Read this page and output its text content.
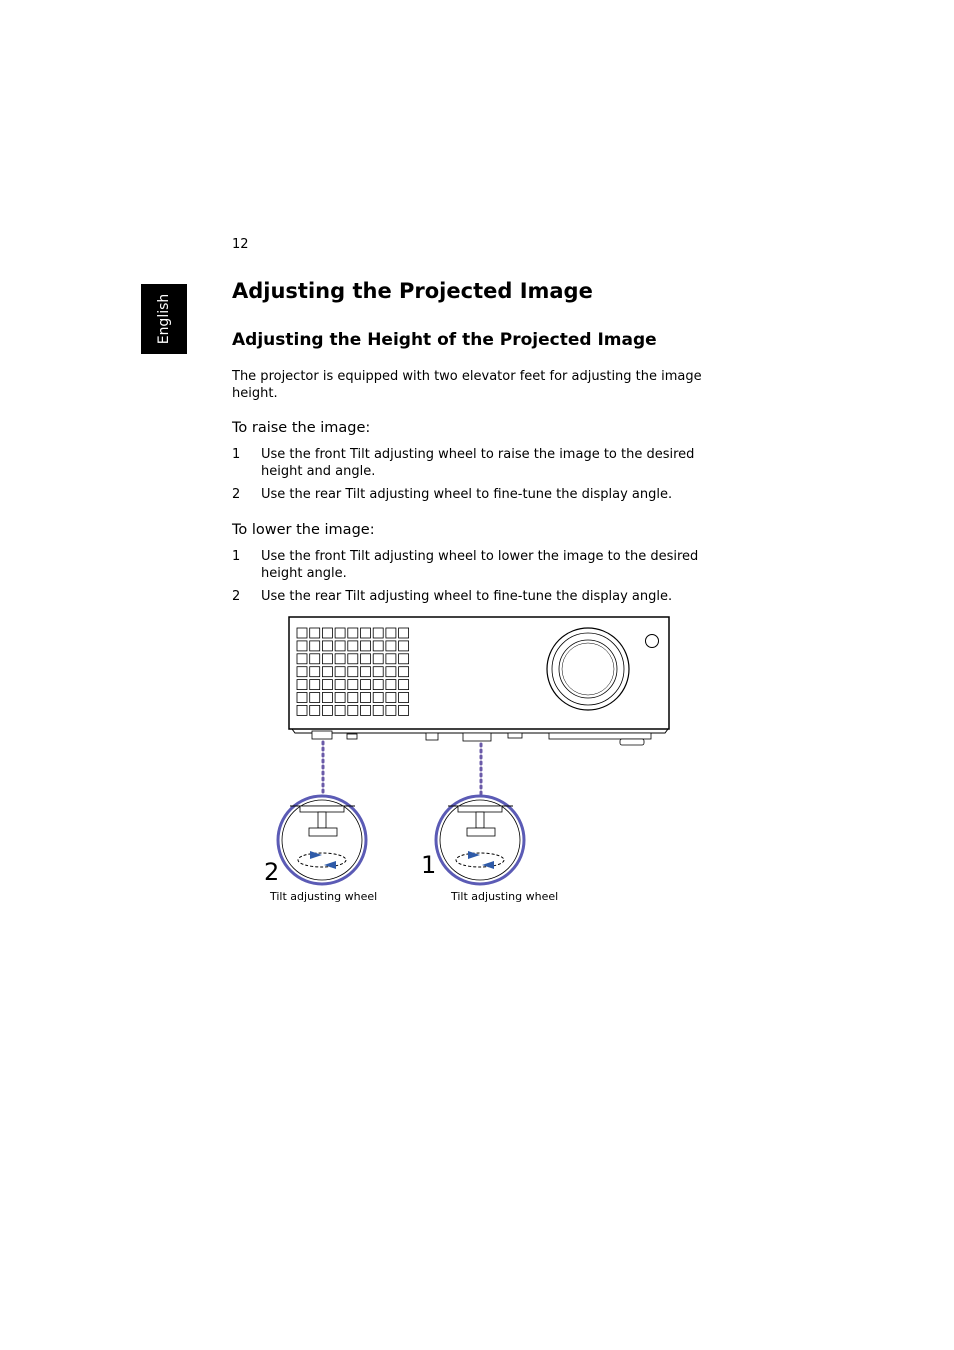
12
English
Adjusting the Projected Image
Adjusting the Height of the Projected Image
The projector is equipped with two elevator feet for adjusting the image height.
To raise the image:
1 Use the front Tilt adjusting wheel to raise the image to the desired height and angle.
2 Use the rear Tilt adjusting wheel to fine-tune the display angle.
To lower the image:
1 Use the front Tilt adjusting wheel to lower the image to the desired height angle.
2 Use the rear Tilt adjusting wheel to fine-tune the display angle.
2	1
Tilt adjusting wheel	Tilt adjusting wheel
